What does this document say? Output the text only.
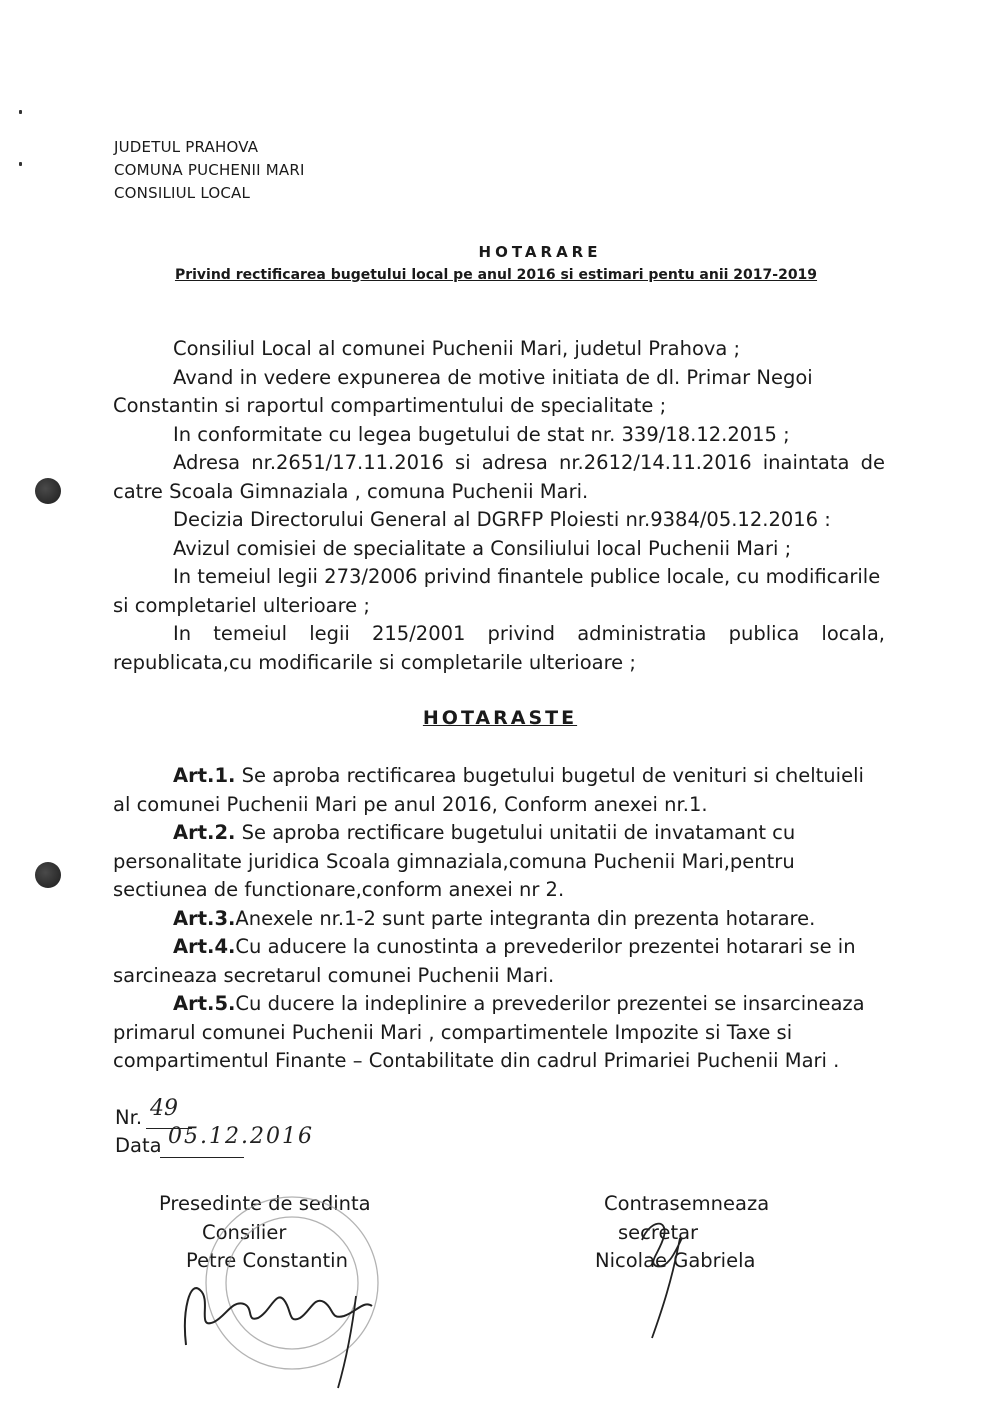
JUDETUL PRAHOVA
COMUNA PUCHENII MARI
CONSILIUL LOCAL
HOTARARE
Privind rectificarea bugetului local pe anul 2016 si estimari pentu anii 2017-2019
Consiliul Local al comunei Puchenii Mari, judetul Prahova ;
Avand in vedere expunerea de motive initiata de dl. Primar Negoi
Constantin si raportul compartimentului de specialitate ;
In conformitate cu legea bugetului de stat nr. 339/18.12.2015 ;
Adresa nr.2651/17.11.2016 si adresa nr.2612/14.11.2016 inaintata de
catre Scoala Gimnaziala , comuna Puchenii Mari.
Decizia Directorului General al DGRFP Ploiesti nr.9384/05.12.2016 :
Avizul comisiei de specialitate a Consiliului local Puchenii Mari ;
In temeiul legii 273/2006 privind finantele publice locale, cu modificarile
si completariel ulterioare ;
In temeiul legii 215/2001 privind administratia publica locala,
republicata,cu modificarile si completarile ulterioare ;
HOTARASTE
Art.1. Se aproba rectificarea bugetului bugetul de venituri si cheltuieli
al comunei Puchenii Mari pe anul 2016, Conform anexei nr.1.
Art.2. Se aproba rectificare bugetului unitatii de invatamant cu
personalitate juridica Scoala gimnaziala,comuna Puchenii Mari,pentru
sectiunea de functionare,conform anexei nr 2.
Art.3.Anexele nr.1-2 sunt parte integranta din prezenta hotarare.
Art.4.Cu aducere la cunostinta a prevederilor prezentei hotarari se in
sarcineaza secretarul comunei Puchenii Mari.
Art.5.Cu ducere la indeplinire a prevederilor prezentei se insarcineaza
primarul comunei Puchenii Mari , compartimentele Impozite si Taxe si
compartimentul Finante – Contabilitate din cadrul Primariei Puchenii Mari .
Nr. 49
Data 05.12.2016
Presedinte de sedinta
Consilier
Petre Constantin
Contrasemneaza
secretar
Nicolae Gabriela
